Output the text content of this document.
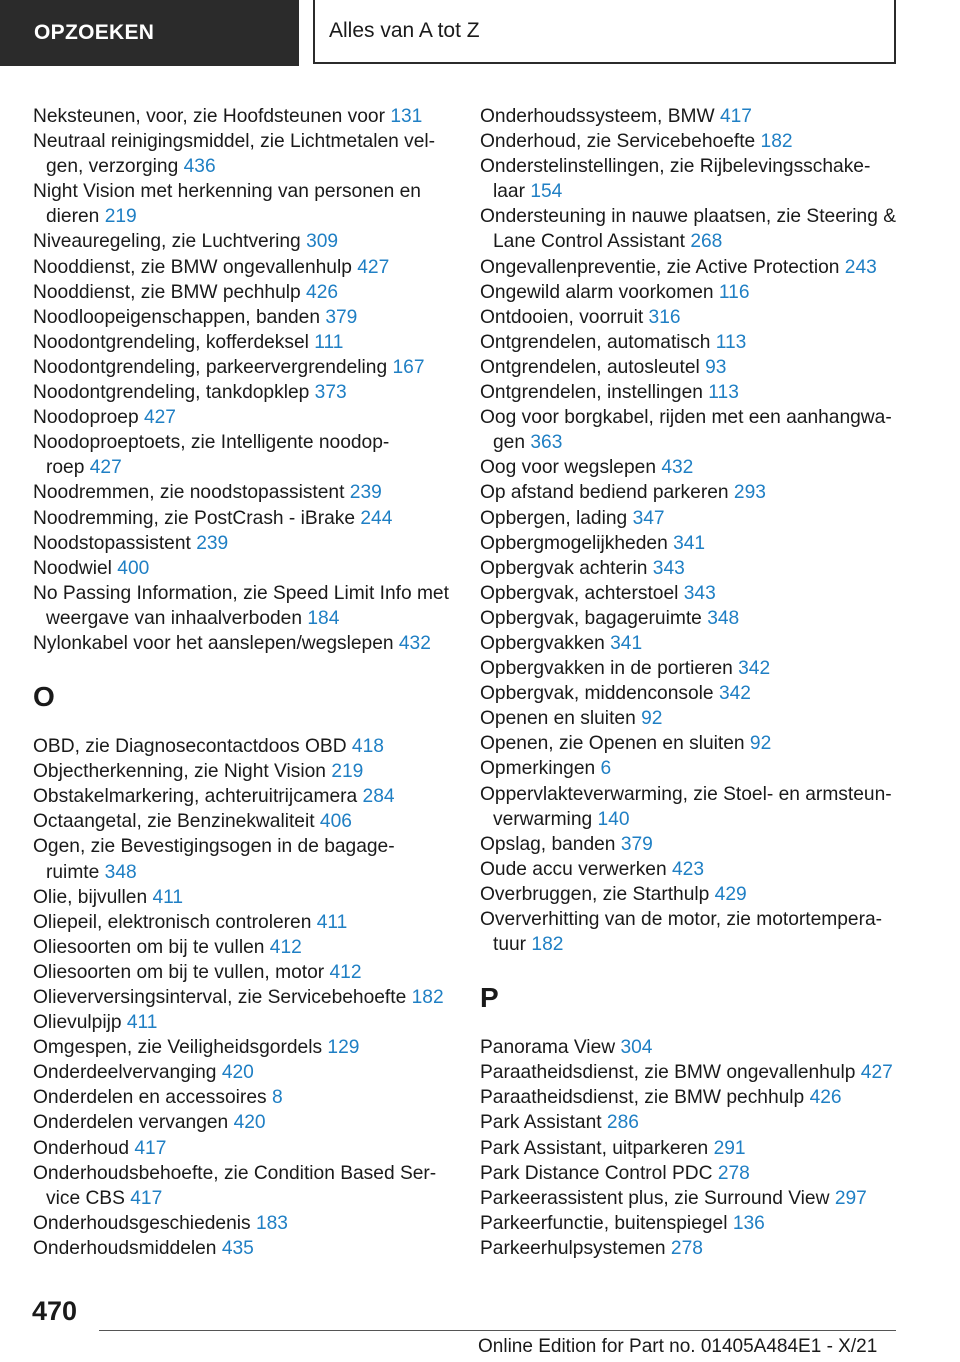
OPZOEKEN	Alles van A tot Z
Neksteunen, voor, zie Hoofdsteunen voor 131
Neutraal reinigingsmiddel, zie Lichtmetalen vel‐
gen, verzorging 436
Night Vision met herkenning van personen en dieren 219
Niveauregeling, zie Luchtvering 309
Nooddienst, zie BMW ongevallenhulp 427
Nooddienst, zie BMW pechhulp 426
Noodloopeigenschappen, banden 379
Noodontgrendeling, kofferdeksel 111
Noodontgrendeling, parkeervergrendeling 167
Noodontgrendeling, tankdopklep 373
Noodoproep 427
Noodoproeptoets, zie Intelligente noodop‐
roep 427
Noodremmen, zie noodstopassistent 239
Noodremming, zie PostCrash - iBrake 244
Noodstopassistent 239
Noodwiel 400
No Passing Information, zie Speed Limit Info met weergave van inhaalverboden 184
Nylonkabel voor het aanslepen/wegslepen 432
O
OBD, zie Diagnosecontactdoos OBD 418
Objectherkenning, zie Night Vision 219
Obstakelmarkering, achteruitrijcamera 284
Octaangetal, zie Benzinekwaliteit 406
Ogen, zie Bevestigingsogen in de bagage‐
ruimte 348
Olie, bijvullen 411
Oliepeil, elektronisch controleren 411
Oliesoorten om bij te vullen 412
Oliesoorten om bij te vullen, motor 412
Olieverversingsinterval, zie Servicebehoefte 182
Olievulpijp 411
Omgespen, zie Veiligheidsgordels 129
Onderdeelvervanging 420
Onderdelen en accessoires 8
Onderdelen vervangen 420
Onderhoud 417
Onderhoudsbehoefte, zie Condition Based Ser‐
vice CBS 417
Onderhoudsgeschiedenis 183
Onderhoudsmiddelen 435
Onderhoudssysteem, BMW 417
Onderhoud, zie Servicebehoefte 182
Onderstelinstellingen, zie Rijbelevingsschake‐
laar 154
Ondersteuning in nauwe plaatsen, zie Steering & Lane Control Assistant 268
Ongevallenpreventie, zie Active Protection 243
Ongewild alarm voorkomen 116
Ontdooien, voorruit 316
Ontgrendelen, automatisch 113
Ontgrendelen, autosleutel 93
Ontgrendelen, instellingen 113
Oog voor borgkabel, rijden met een aanhangwa‐
gen 363
Oog voor wegslepen 432
Op afstand bediend parkeren 293
Opbergen, lading 347
Opbergmogelijkheden 341
Opbergvak achterin 343
Opbergvak, achterstoel 343
Opbergvak, bagageruimte 348
Opbergvakken 341
Opbergvakken in de portieren 342
Opbergvak, middenconsole 342
Openen en sluiten 92
Openen, zie Openen en sluiten 92
Opmerkingen 6
Oppervlakteverwarming, zie Stoel- en armsteun‐
verwarming 140
Opslag, banden 379
Oude accu verwerken 423
Overbruggen, zie Starthulp 429
Oververhitting van de motor, zie motortempera‐
tuur 182
P
Panorama View 304
Paraatheidsdienst, zie BMW ongevallenhulp 427
Paraatheidsdienst, zie BMW pechhulp 426
Park Assistant 286
Park Assistant, uitparkeren 291
Park Distance Control PDC 278
Parkeerassistent plus, zie Surround View 297
Parkeerfunctie, buitenspiegel 136
Parkeerhulpsystemen 278
470
Online Edition for Part no. 01405A484E1 - X/21
